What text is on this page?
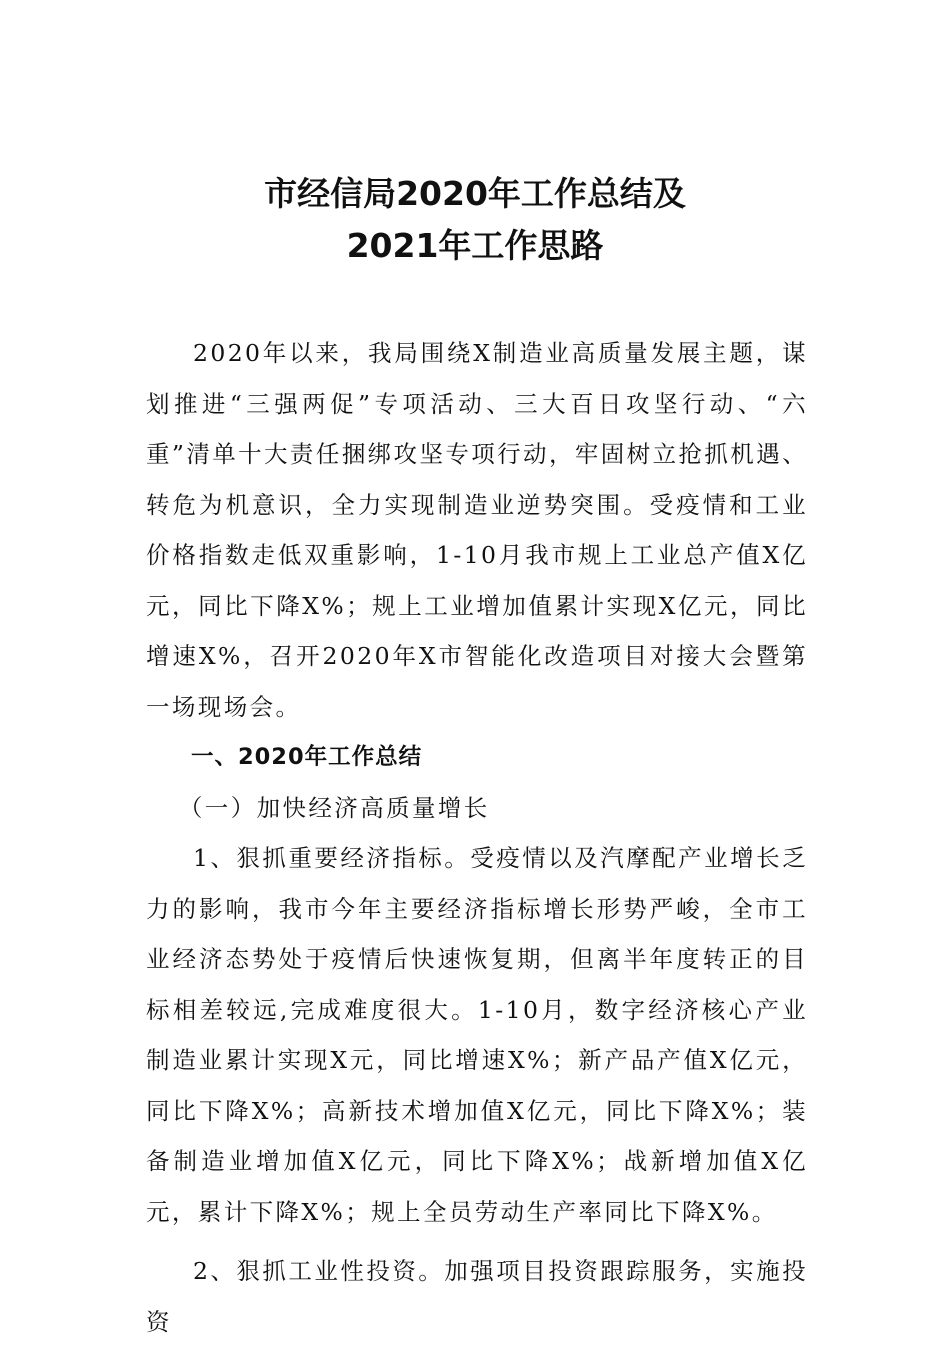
市经信局2020年工作总结及
2021年工作思路

2020年以来，我局围绕X制造业高质量发展主题，谋划推进“三强两促”专项活动、三大百日攻坚行动、“六重”清单十大责任捆绑攻坚专项行动，牢固树立抢抓机遇、转危为机意识，全力实现制造业逆势突围。受疫情和工业价格指数走低双重影响，1-10月我市规上工业总产值X亿元，同比下降X%；规上工业增加值累计实现X亿元，同比增速X%，召开2020年X市智能化改造项目对接大会暨第一场现场会。

一、2020年工作总结

（一）加快经济高质量增长

1、狠抓重要经济指标。受疫情以及汽摩配产业增长乏力的影响，我市今年主要经济指标增长形势严峻，全市工业经济态势处于疫情后快速恢复期，但离半年度转正的目标相差较远,完成难度很大。1-10月，数字经济核心产业制造业累计实现X元，同比增速X%；新产品产值X亿元，同比下降X%；高新技术增加值X亿元，同比下降X%；装备制造业增加值X亿元，同比下降X%；战新增加值X亿元，累计下降X%；规上全员劳动生产率同比下降X%。

2、狠抓工业性投资。加强项目投资跟踪服务，实施投资
